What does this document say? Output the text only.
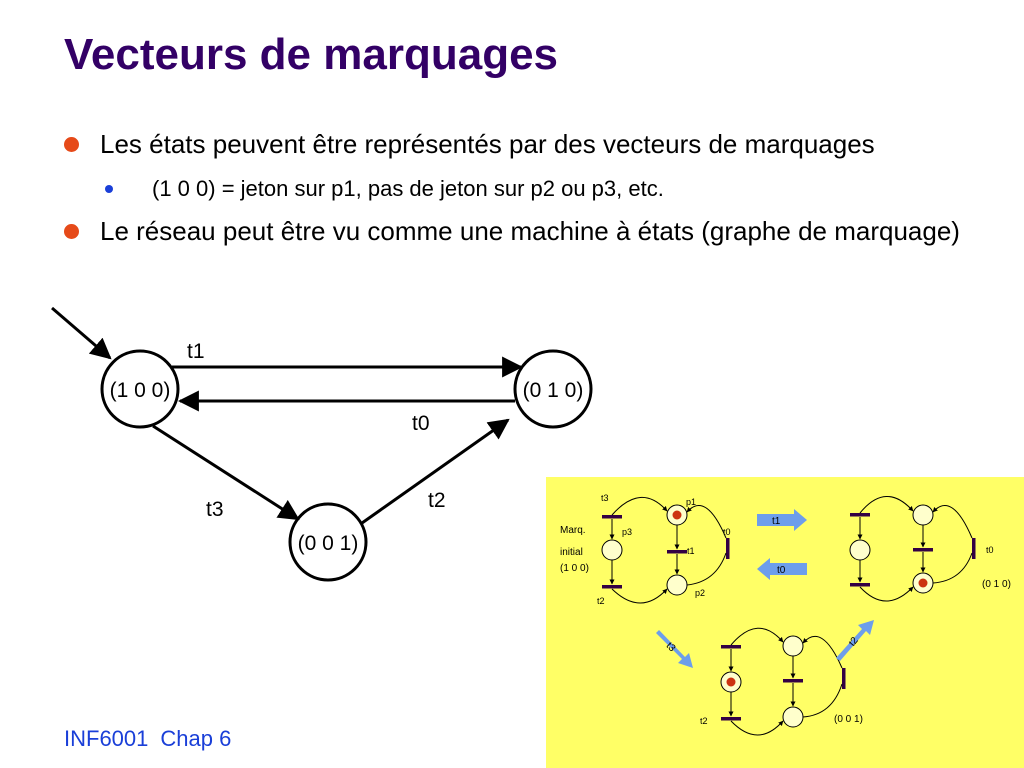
Vecteurs de marquages
Les états peuvent être représentés par des vecteurs de marquages
(1 0 0) = jeton sur p1, pas de jeton sur p2 ou p3, etc.
Le réseau peut être vu comme une machine à états (graphe de marquage)
(1 0 0)	(0 1 0)
(0 0 1)
t1
t0
t3	t2	t3	p1
p3	t0
t1
p2
t2
t0
t2
Marq.
initial
(1 0 0)
(0 1 0)
(0 0 1)
t1
t0
t3	t2
INF6001 Chap 6
